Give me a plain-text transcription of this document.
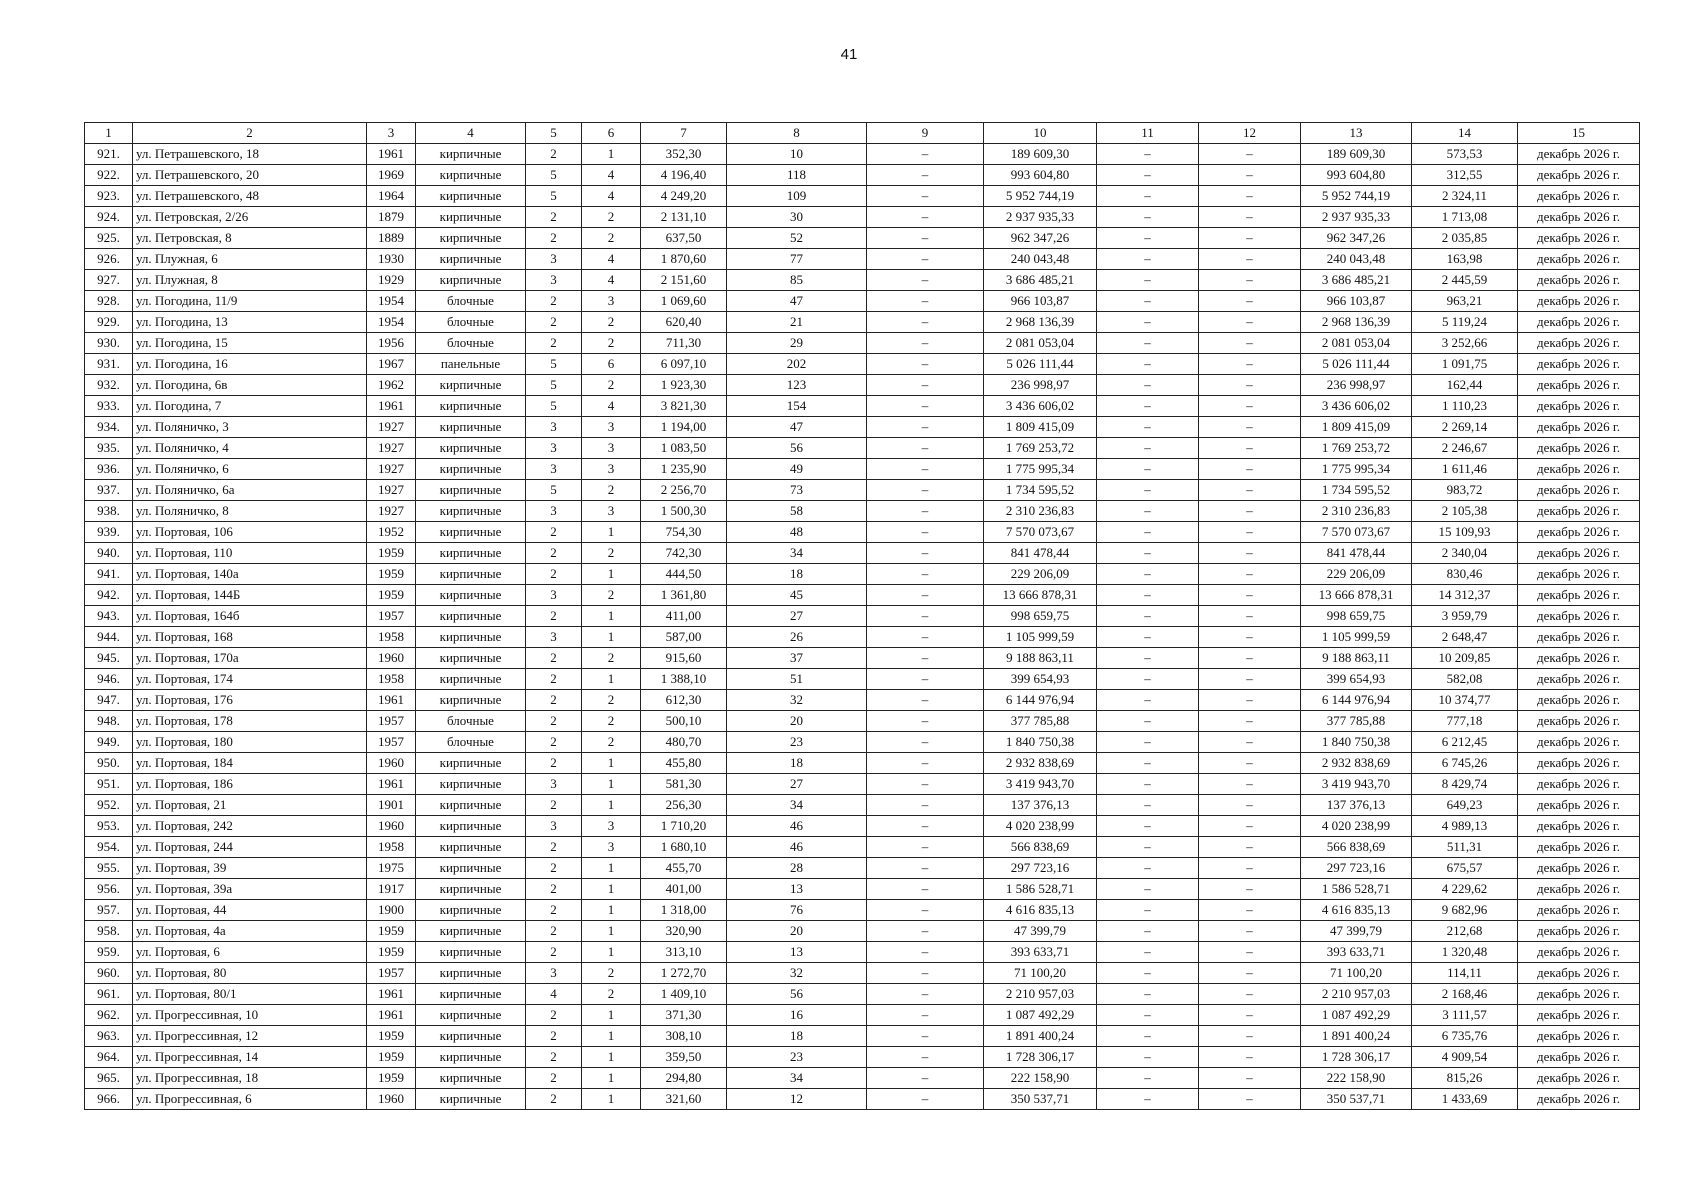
41
1	2	3	4	5	6	7	8	9	10	11	12	13	14	15
921.	ул. Петрашевского, 18	1961	кирпичные	2	1	352,30	10	–	189 609,30	–	–	189 609,30	573,53	декабрь 2026 г.
922.	ул. Петрашевского, 20	1969	кирпичные	5	4	4 196,40	118	–	993 604,80	–	–	993 604,80	312,55	декабрь 2026 г.
923.	ул. Петрашевского, 48	1964	кирпичные	5	4	4 249,20	109	–	5 952 744,19	–	–	5 952 744,19	2 324,11	декабрь 2026 г.
924.	ул. Петровская, 2/26	1879	кирпичные	2	2	2 131,10	30	–	2 937 935,33	–	–	2 937 935,33	1 713,08	декабрь 2026 г.
925.	ул. Петровская, 8	1889	кирпичные	2	2	637,50	52	–	962 347,26	–	–	962 347,26	2 035,85	декабрь 2026 г.
926.	ул. Плужная, 6	1930	кирпичные	3	4	1 870,60	77	–	240 043,48	–	–	240 043,48	163,98	декабрь 2026 г.
927.	ул. Плужная, 8	1929	кирпичные	3	4	2 151,60	85	–	3 686 485,21	–	–	3 686 485,21	2 445,59	декабрь 2026 г.
928.	ул. Погодина, 11/9	1954	блочные	2	3	1 069,60	47	–	966 103,87	–	–	966 103,87	963,21	декабрь 2026 г.
929.	ул. Погодина, 13	1954	блочные	2	2	620,40	21	–	2 968 136,39	–	–	2 968 136,39	5 119,24	декабрь 2026 г.
930.	ул. Погодина, 15	1956	блочные	2	2	711,30	29	–	2 081 053,04	–	–	2 081 053,04	3 252,66	декабрь 2026 г.
931.	ул. Погодина, 16	1967	панельные	5	6	6 097,10	202	–	5 026 111,44	–	–	5 026 111,44	1 091,75	декабрь 2026 г.
932.	ул. Погодина, 6в	1962	кирпичные	5	2	1 923,30	123	–	236 998,97	–	–	236 998,97	162,44	декабрь 2026 г.
933.	ул. Погодина, 7	1961	кирпичные	5	4	3 821,30	154	–	3 436 606,02	–	–	3 436 606,02	1 110,23	декабрь 2026 г.
934.	ул. Поляничко, 3	1927	кирпичные	3	3	1 194,00	47	–	1 809 415,09	–	–	1 809 415,09	2 269,14	декабрь 2026 г.
935.	ул. Поляничко, 4	1927	кирпичные	3	3	1 083,50	56	–	1 769 253,72	–	–	1 769 253,72	2 246,67	декабрь 2026 г.
936.	ул. Поляничко, 6	1927	кирпичные	3	3	1 235,90	49	–	1 775 995,34	–	–	1 775 995,34	1 611,46	декабрь 2026 г.
937.	ул. Поляничко, 6а	1927	кирпичные	5	2	2 256,70	73	–	1 734 595,52	–	–	1 734 595,52	983,72	декабрь 2026 г.
938.	ул. Поляничко, 8	1927	кирпичные	3	3	1 500,30	58	–	2 310 236,83	–	–	2 310 236,83	2 105,38	декабрь 2026 г.
939.	ул. Портовая, 106	1952	кирпичные	2	1	754,30	48	–	7 570 073,67	–	–	7 570 073,67	15 109,93	декабрь 2026 г.
940.	ул. Портовая, 110	1959	кирпичные	2	2	742,30	34	–	841 478,44	–	–	841 478,44	2 340,04	декабрь 2026 г.
941.	ул. Портовая, 140а	1959	кирпичные	2	1	444,50	18	–	229 206,09	–	–	229 206,09	830,46	декабрь 2026 г.
942.	ул. Портовая, 144Б	1959	кирпичные	3	2	1 361,80	45	–	13 666 878,31	–	–	13 666 878,31	14 312,37	декабрь 2026 г.
943.	ул. Портовая, 164б	1957	кирпичные	2	1	411,00	27	–	998 659,75	–	–	998 659,75	3 959,79	декабрь 2026 г.
944.	ул. Портовая, 168	1958	кирпичные	3	1	587,00	26	–	1 105 999,59	–	–	1 105 999,59	2 648,47	декабрь 2026 г.
945.	ул. Портовая, 170а	1960	кирпичные	2	2	915,60	37	–	9 188 863,11	–	–	9 188 863,11	10 209,85	декабрь 2026 г.
946.	ул. Портовая, 174	1958	кирпичные	2	1	1 388,10	51	–	399 654,93	–	–	399 654,93	582,08	декабрь 2026 г.
947.	ул. Портовая, 176	1961	кирпичные	2	2	612,30	32	–	6 144 976,94	–	–	6 144 976,94	10 374,77	декабрь 2026 г.
948.	ул. Портовая, 178	1957	блочные	2	2	500,10	20	–	377 785,88	–	–	377 785,88	777,18	декабрь 2026 г.
949.	ул. Портовая, 180	1957	блочные	2	2	480,70	23	–	1 840 750,38	–	–	1 840 750,38	6 212,45	декабрь 2026 г.
950.	ул. Портовая, 184	1960	кирпичные	2	1	455,80	18	–	2 932 838,69	–	–	2 932 838,69	6 745,26	декабрь 2026 г.
951.	ул. Портовая, 186	1961	кирпичные	3	1	581,30	27	–	3 419 943,70	–	–	3 419 943,70	8 429,74	декабрь 2026 г.
952.	ул. Портовая, 21	1901	кирпичные	2	1	256,30	34	–	137 376,13	–	–	137 376,13	649,23	декабрь 2026 г.
953.	ул. Портовая, 242	1960	кирпичные	3	3	1 710,20	46	–	4 020 238,99	–	–	4 020 238,99	4 989,13	декабрь 2026 г.
954.	ул. Портовая, 244	1958	кирпичные	2	3	1 680,10	46	–	566 838,69	–	–	566 838,69	511,31	декабрь 2026 г.
955.	ул. Портовая, 39	1975	кирпичные	2	1	455,70	28	–	297 723,16	–	–	297 723,16	675,57	декабрь 2026 г.
956.	ул. Портовая, 39а	1917	кирпичные	2	1	401,00	13	–	1 586 528,71	–	–	1 586 528,71	4 229,62	декабрь 2026 г.
957.	ул. Портовая, 44	1900	кирпичные	2	1	1 318,00	76	–	4 616 835,13	–	–	4 616 835,13	9 682,96	декабрь 2026 г.
958.	ул. Портовая, 4а	1959	кирпичные	2	1	320,90	20	–	47 399,79	–	–	47 399,79	212,68	декабрь 2026 г.
959.	ул. Портовая, 6	1959	кирпичные	2	1	313,10	13	–	393 633,71	–	–	393 633,71	1 320,48	декабрь 2026 г.
960.	ул. Портовая, 80	1957	кирпичные	3	2	1 272,70	32	–	71 100,20	–	–	71 100,20	114,11	декабрь 2026 г.
961.	ул. Портовая, 80/1	1961	кирпичные	4	2	1 409,10	56	–	2 210 957,03	–	–	2 210 957,03	2 168,46	декабрь 2026 г.
962.	ул. Прогрессивная, 10	1961	кирпичные	2	1	371,30	16	–	1 087 492,29	–	–	1 087 492,29	3 111,57	декабрь 2026 г.
963.	ул. Прогрессивная, 12	1959	кирпичные	2	1	308,10	18	–	1 891 400,24	–	–	1 891 400,24	6 735,76	декабрь 2026 г.
964.	ул. Прогрессивная, 14	1959	кирпичные	2	1	359,50	23	–	1 728 306,17	–	–	1 728 306,17	4 909,54	декабрь 2026 г.
965.	ул. Прогрессивная, 18	1959	кирпичные	2	1	294,80	34	–	222 158,90	–	–	222 158,90	815,26	декабрь 2026 г.
966.	ул. Прогрессивная, 6	1960	кирпичные	2	1	321,60	12	–	350 537,71	–	–	350 537,71	1 433,69	декабрь 2026 г.
